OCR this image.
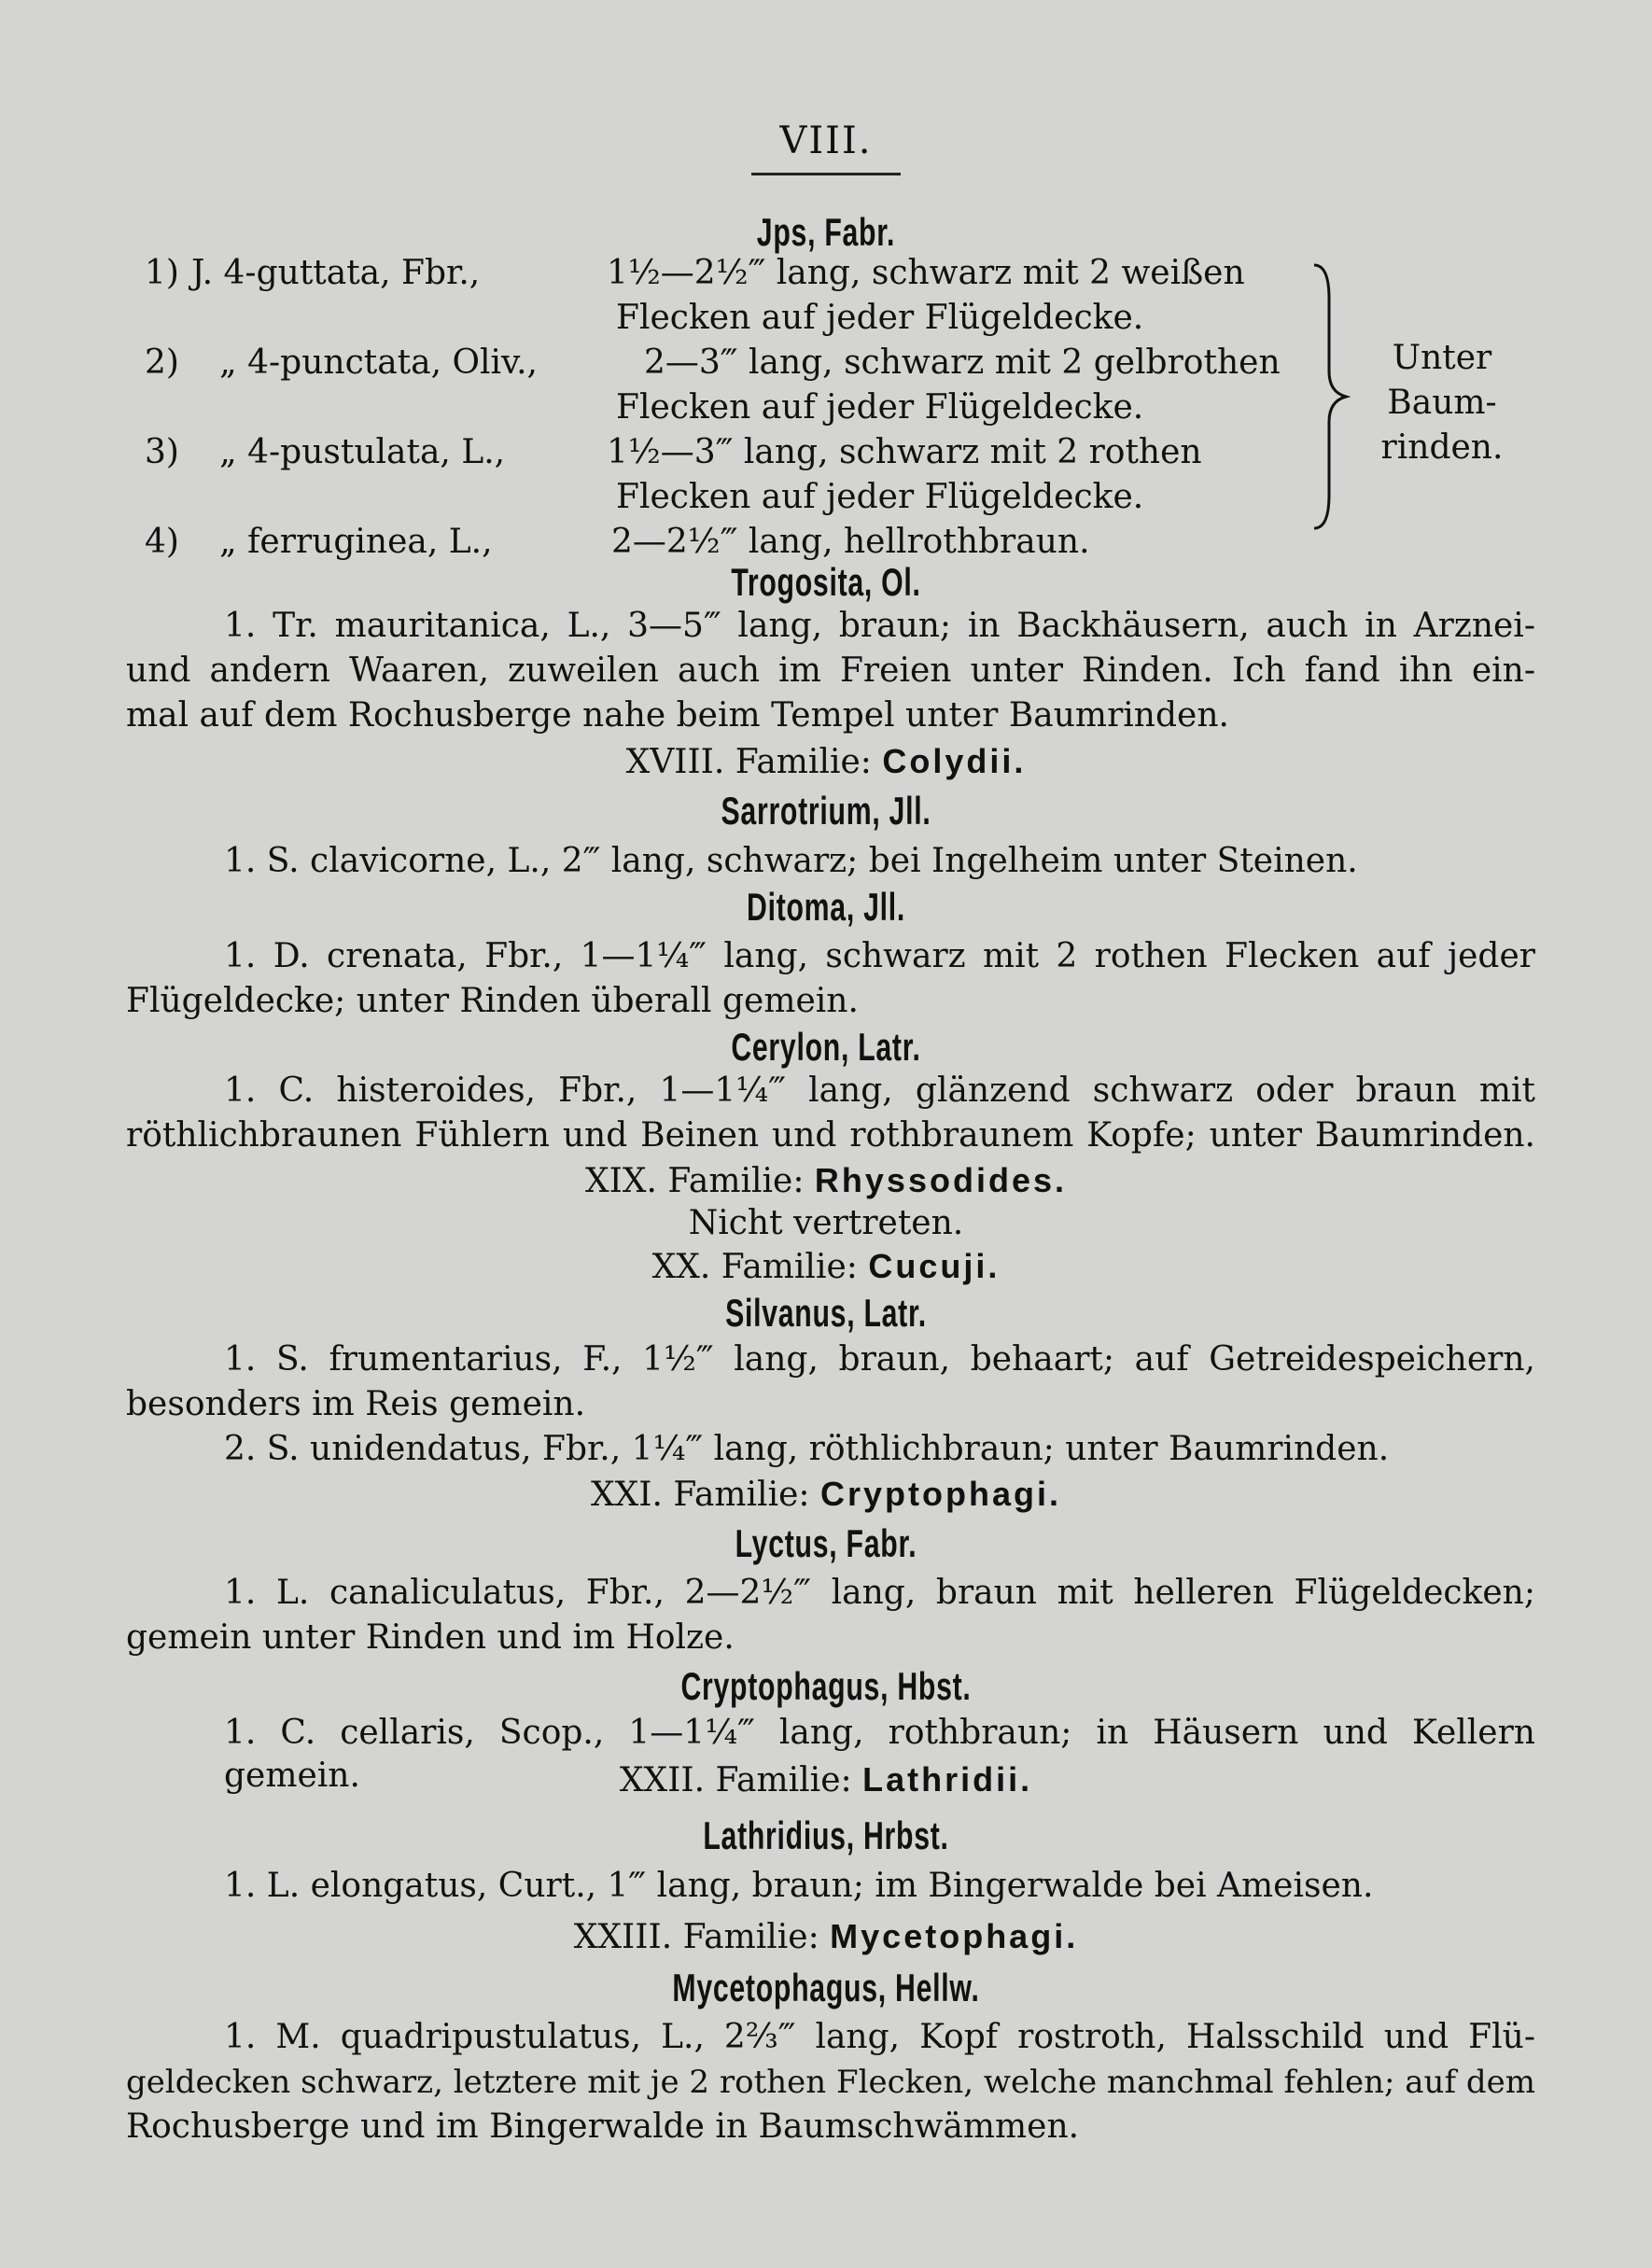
VIII.
Jps, Fabr.
1) J. 4-guttata, Fbr.,	1½—2½‴ lang, schwarz mit 2 weißen
Flecken auf jeder Flügeldecke.
2) „ 4-punctata, Oliv.,	2—3‴ lang, schwarz mit 2 gelbrothen
Flecken auf jeder Flügeldecke.
3) „ 4-pustulata, L.,	1½—3‴ lang, schwarz mit 2 rothen
Flecken auf jeder Flügeldecke.
4) „ ferruginea, L.,	2—2½‴ lang, hellrothbraun.
Unter
Baum-
rinden.
Trogosita, Ol.
1. Tr. mauritanica, L., 3—5‴ lang, braun; in Backhäusern, auch in Arznei-
und andern Waaren, zuweilen auch im Freien unter Rinden. Ich fand ihn ein-
mal auf dem Rochusberge nahe beim Tempel unter Baumrinden.
XVIII. Familie: Colydii.
Sarrotrium, Jll.
1. S. clavicorne, L., 2‴ lang, schwarz; bei Ingelheim unter Steinen.
Ditoma, Jll.
1. D. crenata, Fbr., 1—1¼‴ lang, schwarz mit 2 rothen Flecken auf jeder
Flügeldecke; unter Rinden überall gemein.
Cerylon, Latr.
1. C. histeroides, Fbr., 1—1¼‴ lang, glänzend schwarz oder braun mit
röthlichbraunen Fühlern und Beinen und rothbraunem Kopfe; unter Baumrinden.
XIX. Familie: Rhyssodides.
Nicht vertreten.
XX. Familie: Cucuji.
Silvanus, Latr.
1. S. frumentarius, F., 1½‴ lang, braun, behaart; auf Getreidespeichern,
besonders im Reis gemein.
2. S. unidendatus, Fbr., 1¼‴ lang, röthlichbraun; unter Baumrinden.
XXI. Familie: Cryptophagi.
Lyctus, Fabr.
1. L. canaliculatus, Fbr., 2—2½‴ lang, braun mit helleren Flügeldecken;
gemein unter Rinden und im Holze.
Cryptophagus, Hbst.
1. C. cellaris, Scop., 1—1¼‴ lang, rothbraun; in Häusern und Kellern gemein.	XXII. Familie: Lathridii.
Lathridius, Hrbst.
1. L. elongatus, Curt., 1‴ lang, braun; im Bingerwalde bei Ameisen.
XXIII. Familie: Mycetophagi.
Mycetophagus, Hellw.
1. M. quadripustulatus, L., 2⅔‴ lang, Kopf rostroth, Halsschild und Flü-
geldecken schwarz, letztere mit je 2 rothen Flecken, welche manchmal fehlen; auf dem
Rochusberge und im Bingerwalde in Baumschwämmen.
